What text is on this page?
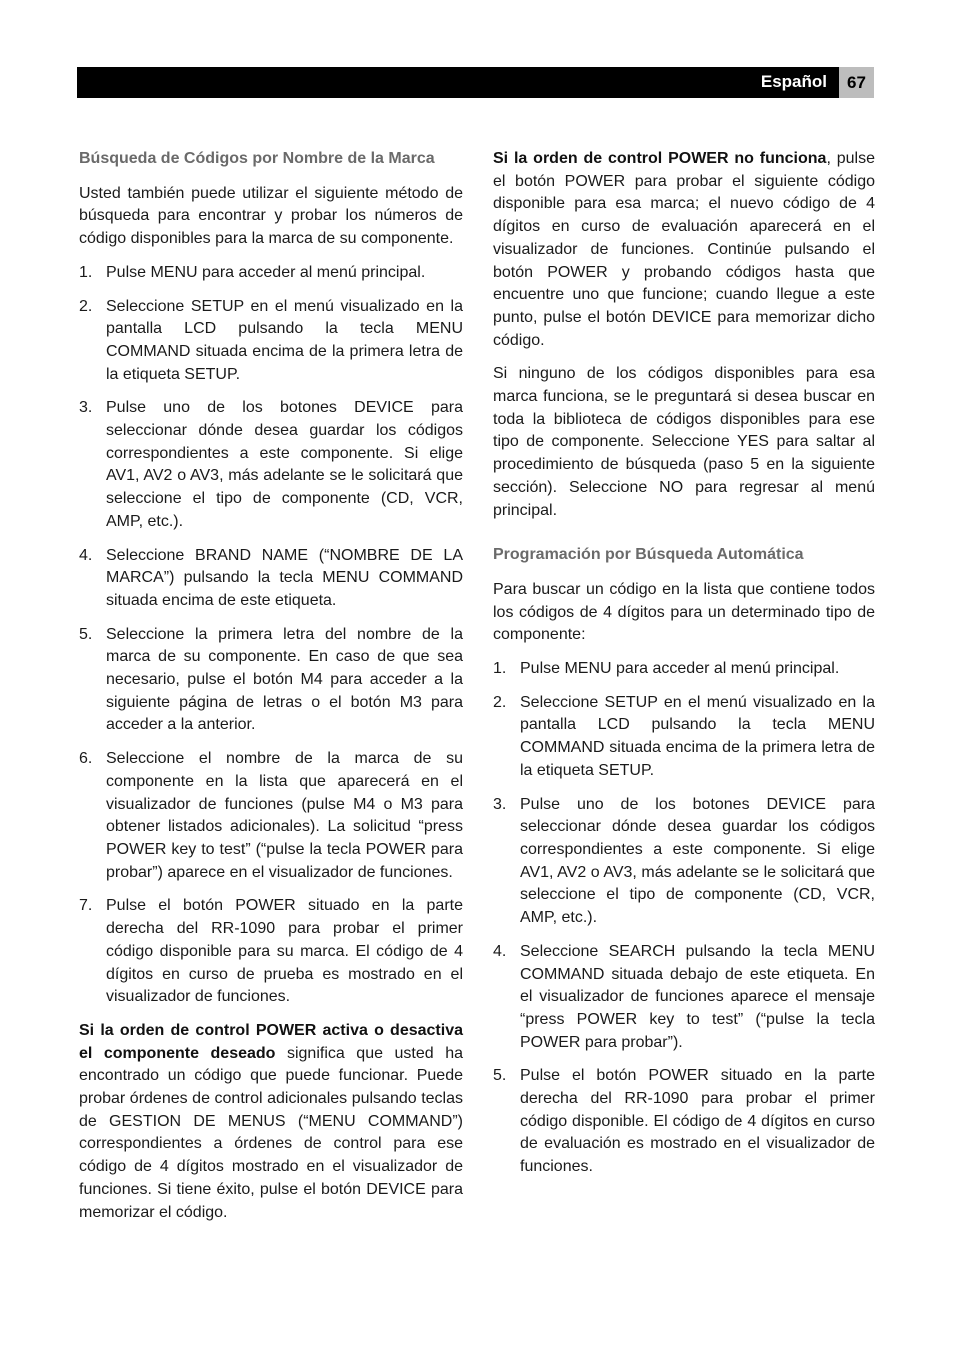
Español	67
Búsqueda de Códigos por Nombre de la Marca

Usted también puede utilizar el siguiente método de búsqueda para encontrar y probar los números de código disponibles para la marca de su componente.

1. Pulse MENU para acceder al menú principal.
2. Seleccione SETUP en el menú visualizado en la pantalla LCD pulsando la tecla MENU COMMAND situada encima de la primera letra de la etiqueta SETUP.
3. Pulse uno de los botones DEVICE para seleccionar dónde desea guardar los códigos correspondientes a este componente. Si elige AV1, AV2 o AV3, más adelante se le solicitará que seleccione el tipo de componente (CD, VCR, AMP, etc.).
4. Seleccione BRAND NAME (“NOMBRE DE LA MARCA”) pulsando la tecla MENU COMMAND situada encima de este etiqueta.
5. Seleccione la primera letra del nombre de la marca de su componente. En caso de que sea necesario, pulse el botón M4 para acceder a la siguiente página de letras o el botón M3 para acceder a la anterior.
6. Seleccione el nombre de la marca de su componente en la lista que aparecerá en el visualizador de funciones (pulse M4 o M3 para obtener listados adicionales). La solicitud “press POWER key to test” (“pulse la tecla POWER para probar”) aparece en el visualizador de funciones.
7. Pulse el botón POWER situado en la parte derecha del RR-1090 para probar el primer código disponible para su marca. El código de 4 dígitos en curso de prueba es mostrado en el visualizador de funciones.

Si la orden de control POWER activa o desactiva el componente deseado significa que usted ha encontrado un código que puede funcionar. Puede probar órdenes de control adicionales pulsando teclas de GESTION DE MENUS (“MENU COMMAND”) correspondientes a órdenes de control para ese código de 4 dígitos mostrado en el visualizador de funciones. Si tiene éxito, pulse el botón DEVICE para memorizar el código.

Si la orden de control POWER no funciona, pulse el botón POWER para probar el siguiente código disponible para esa marca; el nuevo código de 4 dígitos en curso de evaluación aparecerá en el visualizador de funciones. Continúe pulsando el botón POWER y probando códigos hasta que encuentre uno que funcione; cuando llegue a este punto, pulse el botón DEVICE para memorizar dicho código.

Si ninguno de los códigos disponibles para esa marca funciona, se le preguntará si desea buscar en toda la biblioteca de códigos disponibles para ese tipo de componente. Seleccione YES para saltar al procedimiento de búsqueda (paso 5 en la siguiente sección). Seleccione NO para regresar al menú principal.

Programación por Búsqueda Automática

Para buscar un código en la lista que contiene todos los códigos de 4 dígitos para un determinado tipo de componente:

1. Pulse MENU para acceder al menú principal.
2. Seleccione SETUP en el menú visualizado en la pantalla LCD pulsando la tecla MENU COMMAND situada encima de la primera letra de la etiqueta SETUP.
3. Pulse uno de los botones DEVICE para seleccionar dónde desea guardar los códigos correspondientes a este componente. Si elige AV1, AV2 o AV3, más adelante se le solicitará que seleccione el tipo de componente (CD, VCR, AMP, etc.).
4. Seleccione SEARCH pulsando la tecla MENU COMMAND situada debajo de este etiqueta. En el visualizador de funciones aparece el mensaje “press POWER key to test” (“pulse la tecla POWER para probar”).
5. Pulse el botón POWER situado en la parte derecha del RR-1090 para probar el primer código disponible. El código de 4 dígitos en curso de evaluación es mostrado en el visualizador de funciones.
